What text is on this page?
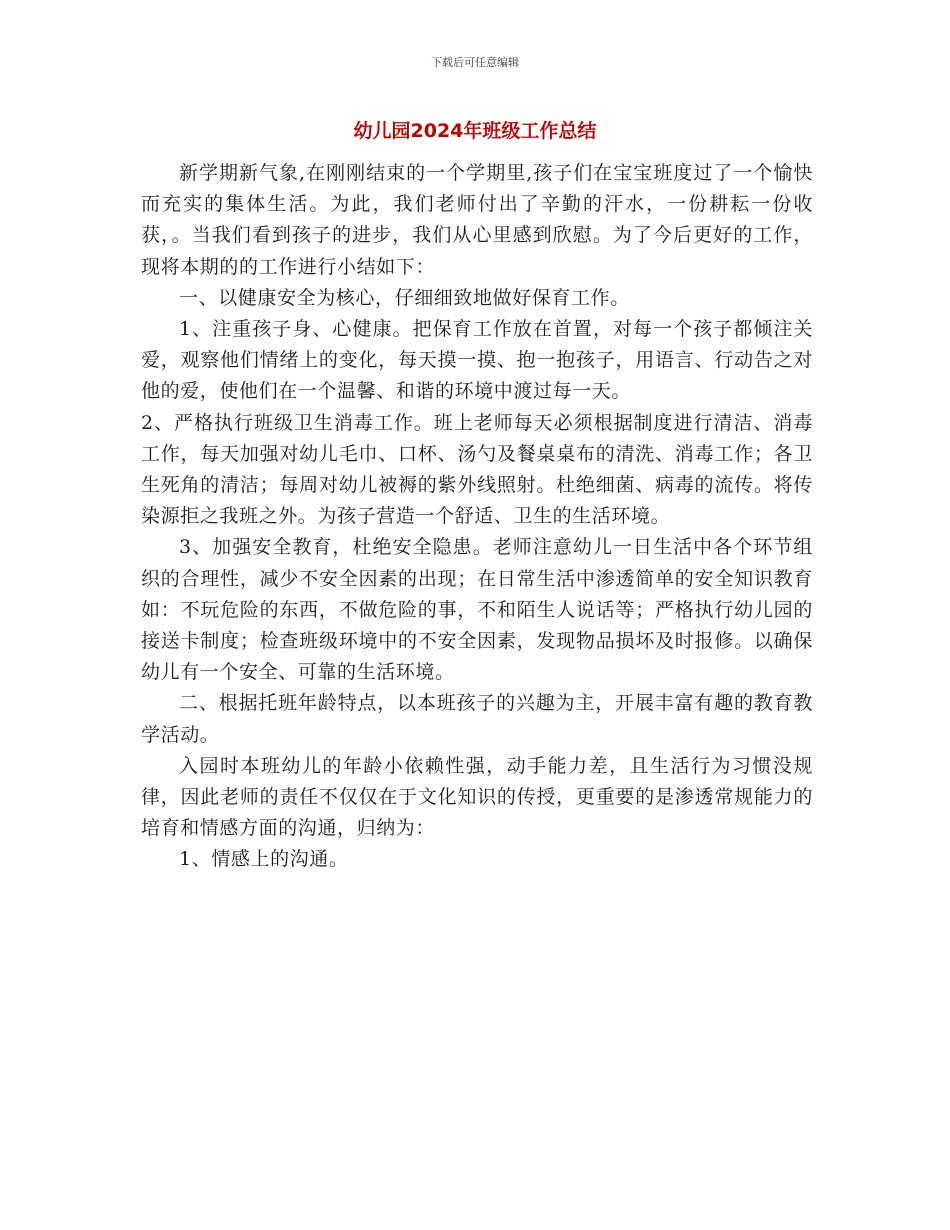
下载后可任意编辑
幼儿园2024年班级工作总结

新学期新气象,在刚刚结束的一个学期里,孩子们在宝宝班度过了一个愉快而充实的集体生活。为此，我们老师付出了辛勤的汗水，一份耕耘一份收获，。当我们看到孩子的进步，我们从心里感到欣慰。为了今后更好的工作，现将本期的的工作进行小结如下：

一、以健康安全为核心，仔细细致地做好保育工作。

1、注重孩子身、心健康。把保育工作放在首置，对每一个孩子都倾注关爱，观察他们情绪上的变化，每天摸一摸、抱一抱孩子，用语言、行动告之对他的爱，使他们在一个温馨、和谐的环境中渡过每一天。

2、严格执行班级卫生消毒工作。班上老师每天必须根据制度进行清洁、消毒工作，每天加强对幼儿毛巾、口杯、汤勺及餐桌桌布的清洗、消毒工作；各卫生死角的清洁；每周对幼儿被褥的紫外线照射。杜绝细菌、病毒的流传。将传染源拒之我班之外。为孩子营造一个舒适、卫生的生活环境。

3、加强安全教育，杜绝安全隐患。老师注意幼儿一日生活中各个环节组织的合理性，减少不安全因素的出现；在日常生活中渗透简单的安全知识教育如：不玩危险的东西，不做危险的事，不和陌生人说话等；严格执行幼儿园的接送卡制度；检查班级环境中的不安全因素，发现物品损坏及时报修。以确保幼儿有一个安全、可靠的生活环境。

二、根据托班年龄特点，以本班孩子的兴趣为主，开展丰富有趣的教育教学活动。

入园时本班幼儿的年龄小依赖性强，动手能力差，且生活行为习惯没规律，因此老师的责任不仅仅在于文化知识的传授，更重要的是渗透常规能力的培育和情感方面的沟通，归纳为：

1、情感上的沟通。
